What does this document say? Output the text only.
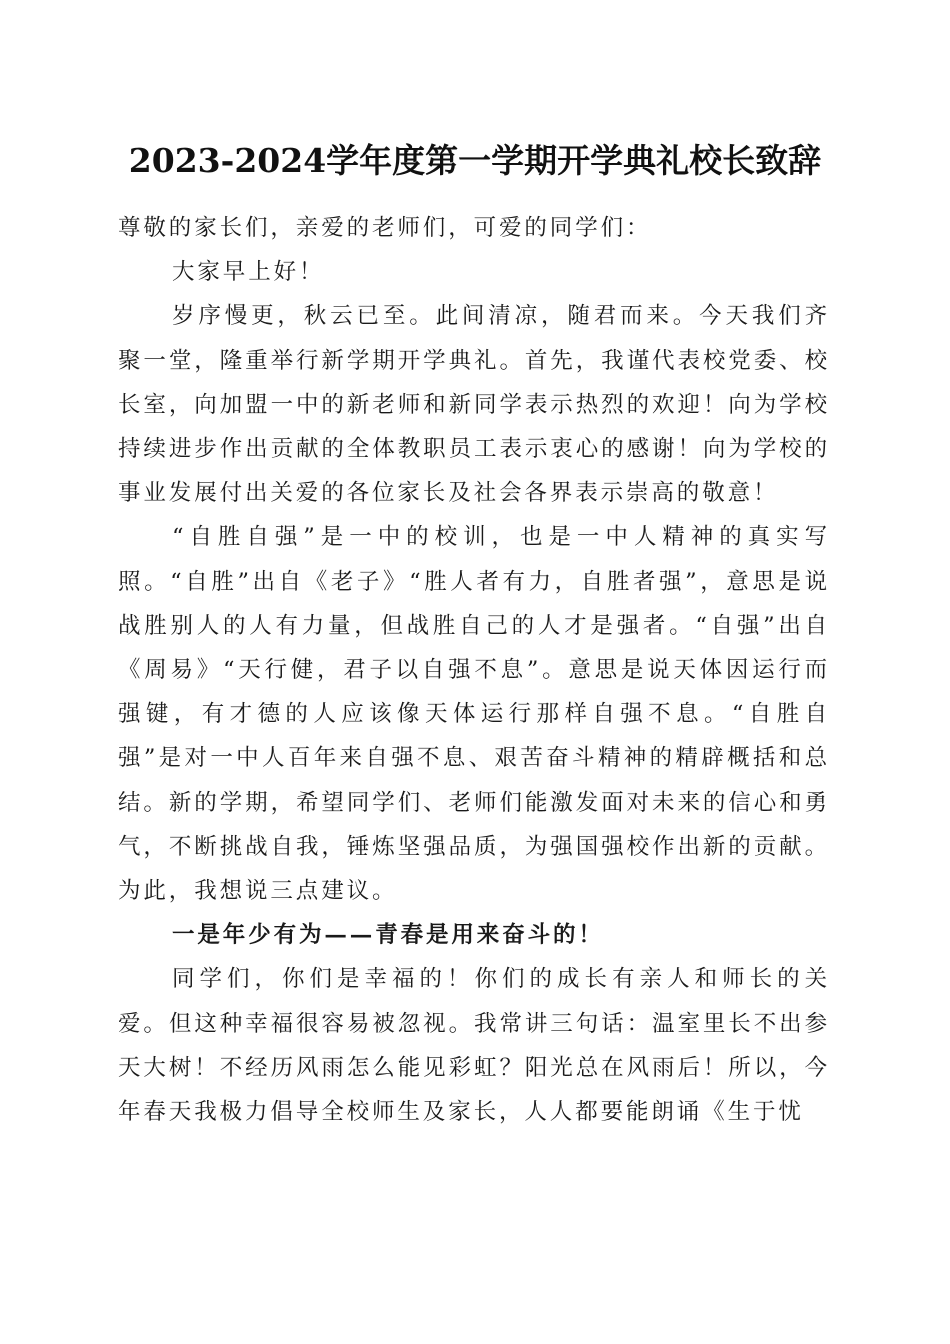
2023-2024学年度第一学期开学典礼校长致辞

尊敬的家长们，亲爱的老师们，可爱的同学们：

大家早上好！

岁序慢更，秋云已至。此间清凉，随君而来。今天我们齐聚一堂，隆重举行新学期开学典礼。首先，我谨代表校党委、校长室，向加盟一中的新老师和新同学表示热烈的欢迎！向为学校持续进步作出贡献的全体教职员工表示衷心的感谢！向为学校的事业发展付出关爱的各位家长及社会各界表示崇高的敬意！

“自胜自强”是一中的校训，也是一中人精神的真实写照。“自胜”出自《老子》“胜人者有力，自胜者强”，意思是说战胜别人的人有力量，但战胜自己的人才是强者。“自强”出自《周易》“天行健，君子以自强不息”。意思是说天体因运行而强键，有才德的人应该像天体运行那样自强不息。“自胜自强”是对一中人百年来自强不息、艰苦奋斗精神的精辟概括和总结。新的学期，希望同学们、老师们能激发面对未来的信心和勇气，不断挑战自我，锤炼坚强品质，为强国强校作出新的贡献。为此，我想说三点建议。

一是年少有为——青春是用来奋斗的！

同学们，你们是幸福的！你们的成长有亲人和师长的关爱。但这种幸福很容易被忽视。我常讲三句话：温室里长不出参天大树！不经历风雨怎么能见彩虹？阳光总在风雨后！所以，今年春天我极力倡导全校师生及家长，人人都要能朗诵《生于忧
